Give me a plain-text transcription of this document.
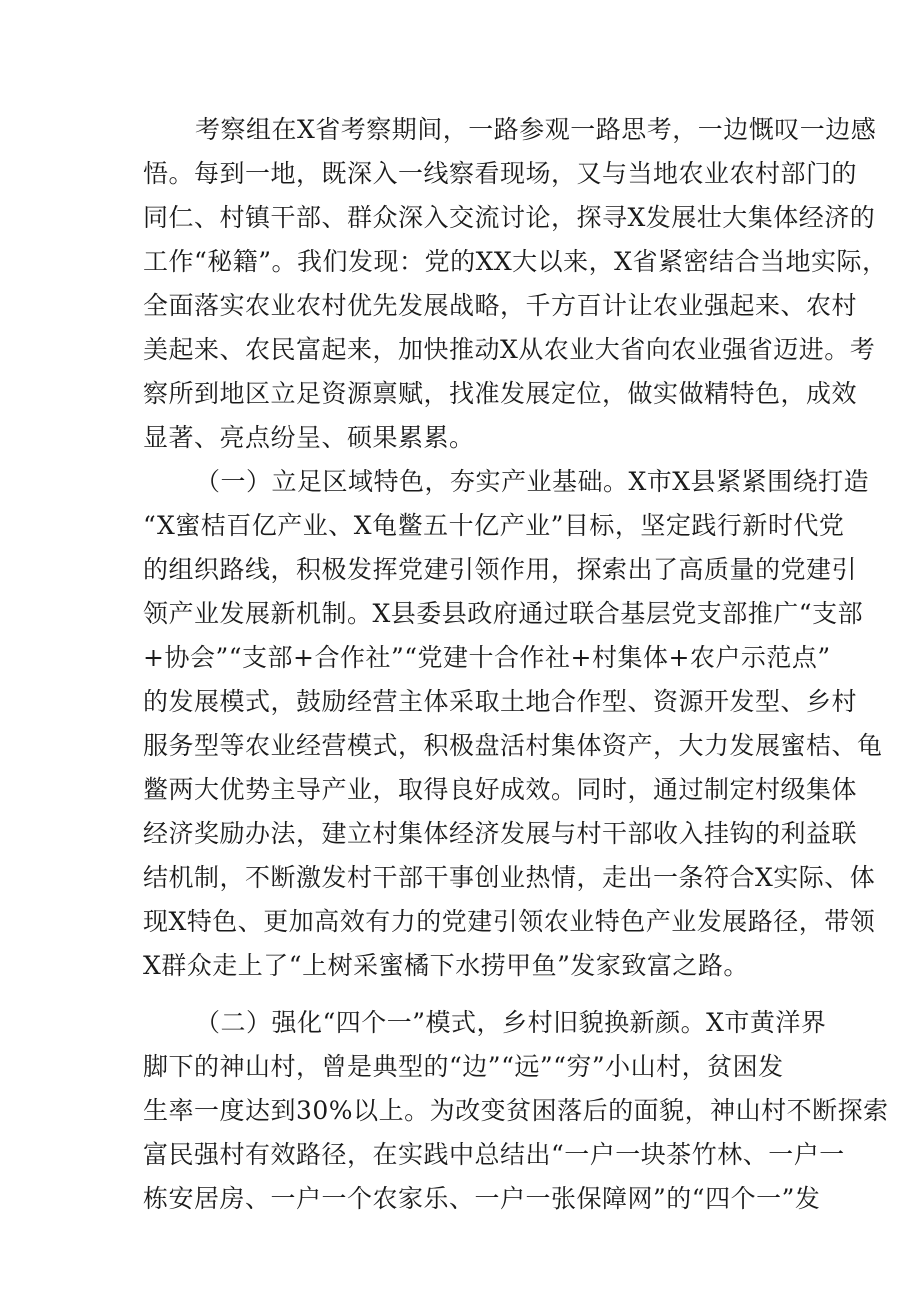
考察组在X省考察期间，一路参观一路思考，一边慨叹一边感
悟。每到一地，既深入一线察看现场，又与当地农业农村部门的
同仁、村镇干部、群众深入交流讨论，探寻X发展壮大集体经济的
工作“秘籍”。我们发现：党的XX大以来，X省紧密结合当地实际，
全面落实农业农村优先发展战略，千方百计让农业强起来、农村
美起来、农民富起来，加快推动X从农业大省向农业强省迈进。考
察所到地区立足资源禀赋，找准发展定位，做实做精特色，成效
显著、亮点纷呈、硕果累累。
（一）立足区域特色，夯实产业基础。X市X县紧紧围绕打造
“X蜜桔百亿产业、X龟鳖五十亿产业”目标，坚定践行新时代党
的组织路线，积极发挥党建引领作用，探索出了高质量的党建引
领产业发展新机制。X县委县政府通过联合基层党支部推广“支部
+协会”“支部+合作社”“党建十合作社+村集体+农户示范点”
的发展模式，鼓励经营主体采取土地合作型、资源开发型、乡村
服务型等农业经营模式，积极盘活村集体资产，大力发展蜜桔、龟
鳖两大优势主导产业，取得良好成效。同时，通过制定村级集体
经济奖励办法，建立村集体经济发展与村干部收入挂钩的利益联
结机制，不断激发村干部干事创业热情，走出一条符合X实际、体
现X特色、更加高效有力的党建引领农业特色产业发展路径，带领
X群众走上了“上树采蜜橘下水捞甲鱼”发家致富之路。
（二）强化“四个一”模式，乡村旧貌换新颜。X市黄洋界
脚下的神山村，曾是典型的“边”“远”“穷”小山村，贫困发
生率一度达到30%以上。为改变贫困落后的面貌，神山村不断探索
富民强村有效路径，在实践中总结出“一户一块茶竹林、一户一
栋安居房、一户一个农家乐、一户一张保障网”的“四个一”发
